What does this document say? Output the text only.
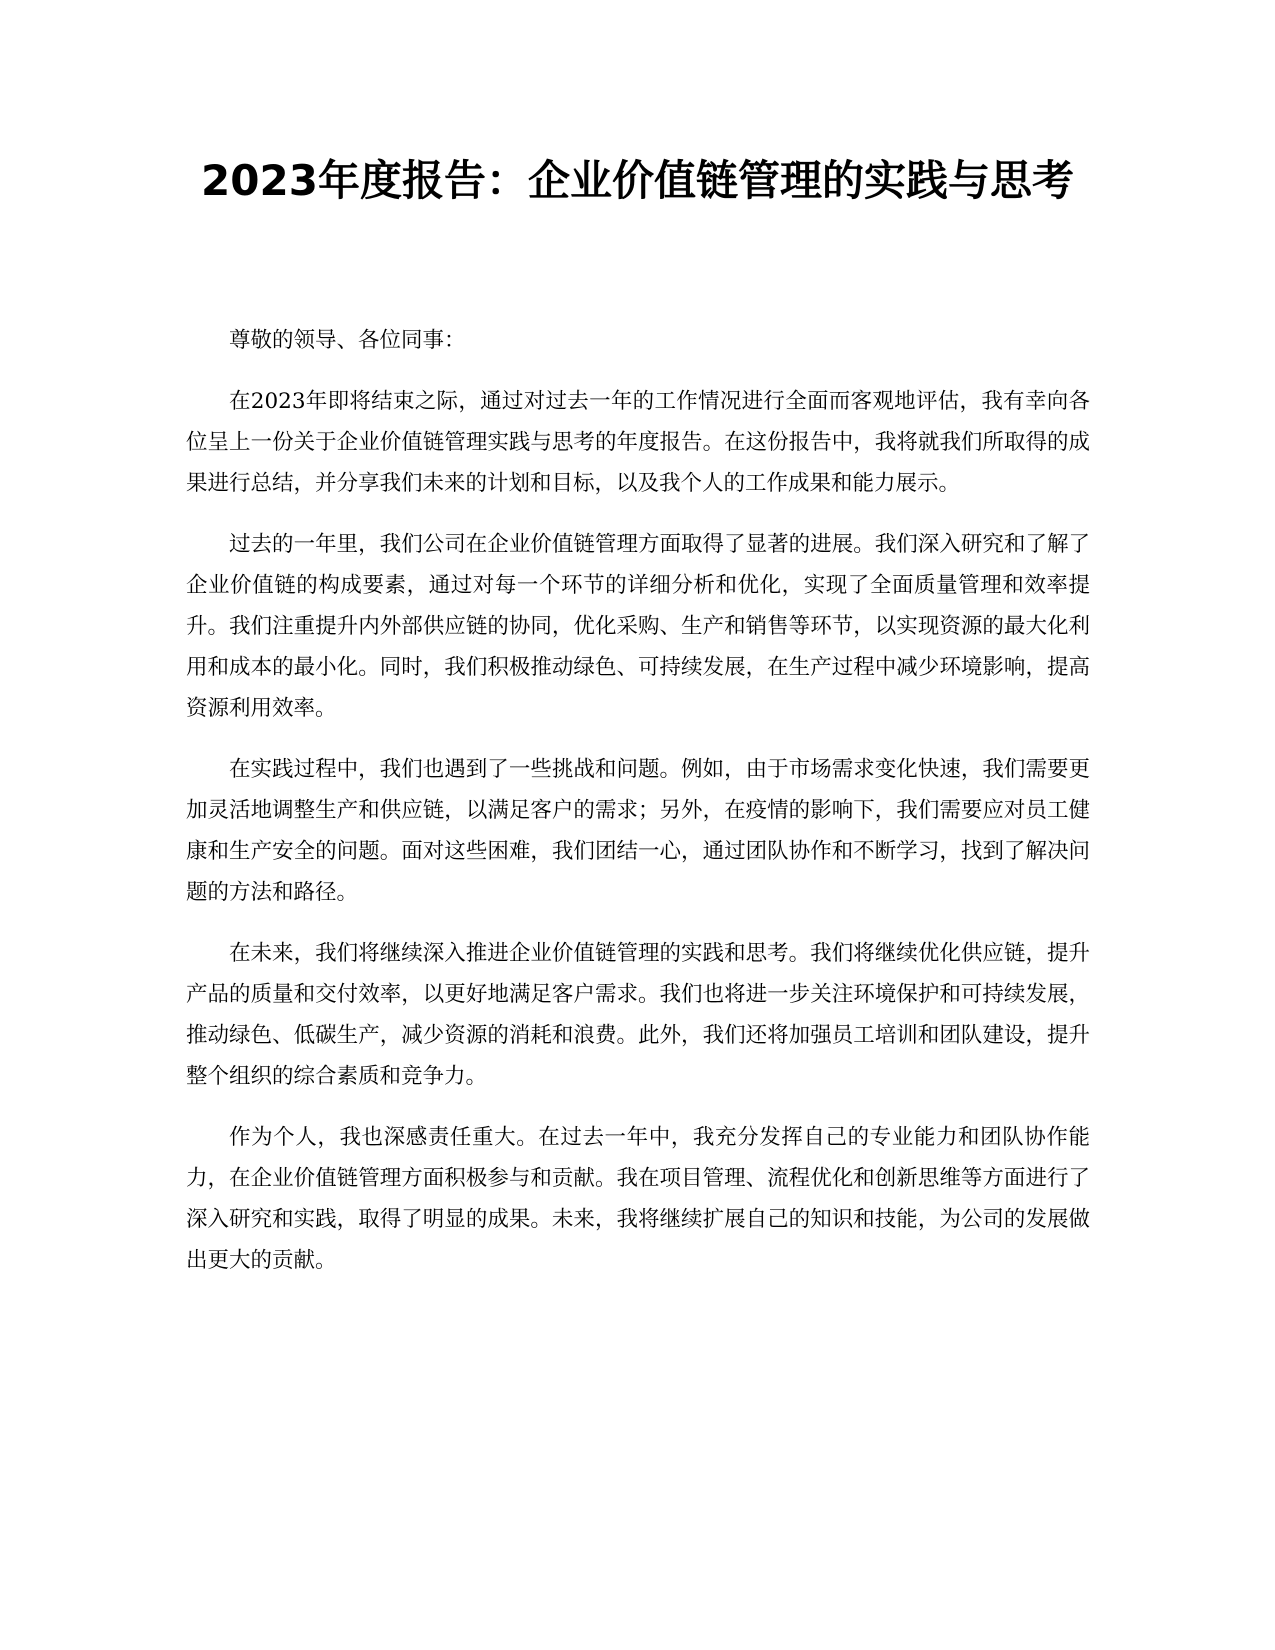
2023年度报告：企业价值链管理的实践与思考

尊敬的领导、各位同事：

在2023年即将结束之际，通过对过去一年的工作情况进行全面而客观地评估，我有幸向各位呈上一份关于企业价值链管理实践与思考的年度报告。在这份报告中，我将就我们所取得的成果进行总结，并分享我们未来的计划和目标，以及我个人的工作成果和能力展示。

过去的一年里，我们公司在企业价值链管理方面取得了显著的进展。我们深入研究和了解了企业价值链的构成要素，通过对每一个环节的详细分析和优化，实现了全面质量管理和效率提升。我们注重提升内外部供应链的协同，优化采购、生产和销售等环节，以实现资源的最大化利用和成本的最小化。同时，我们积极推动绿色、可持续发展，在生产过程中减少环境影响，提高资源利用效率。

在实践过程中，我们也遇到了一些挑战和问题。例如，由于市场需求变化快速，我们需要更加灵活地调整生产和供应链，以满足客户的需求；另外，在疫情的影响下，我们需要应对员工健康和生产安全的问题。面对这些困难，我们团结一心，通过团队协作和不断学习，找到了解决问题的方法和路径。

在未来，我们将继续深入推进企业价值链管理的实践和思考。我们将继续优化供应链，提升产品的质量和交付效率，以更好地满足客户需求。我们也将进一步关注环境保护和可持续发展，推动绿色、低碳生产，减少资源的消耗和浪费。此外，我们还将加强员工培训和团队建设，提升整个组织的综合素质和竞争力。

作为个人，我也深感责任重大。在过去一年中，我充分发挥自己的专业能力和团队协作能力，在企业价值链管理方面积极参与和贡献。我在项目管理、流程优化和创新思维等方面进行了深入研究和实践，取得了明显的成果。未来，我将继续扩展自己的知识和技能，为公司的发展做出更大的贡献。
